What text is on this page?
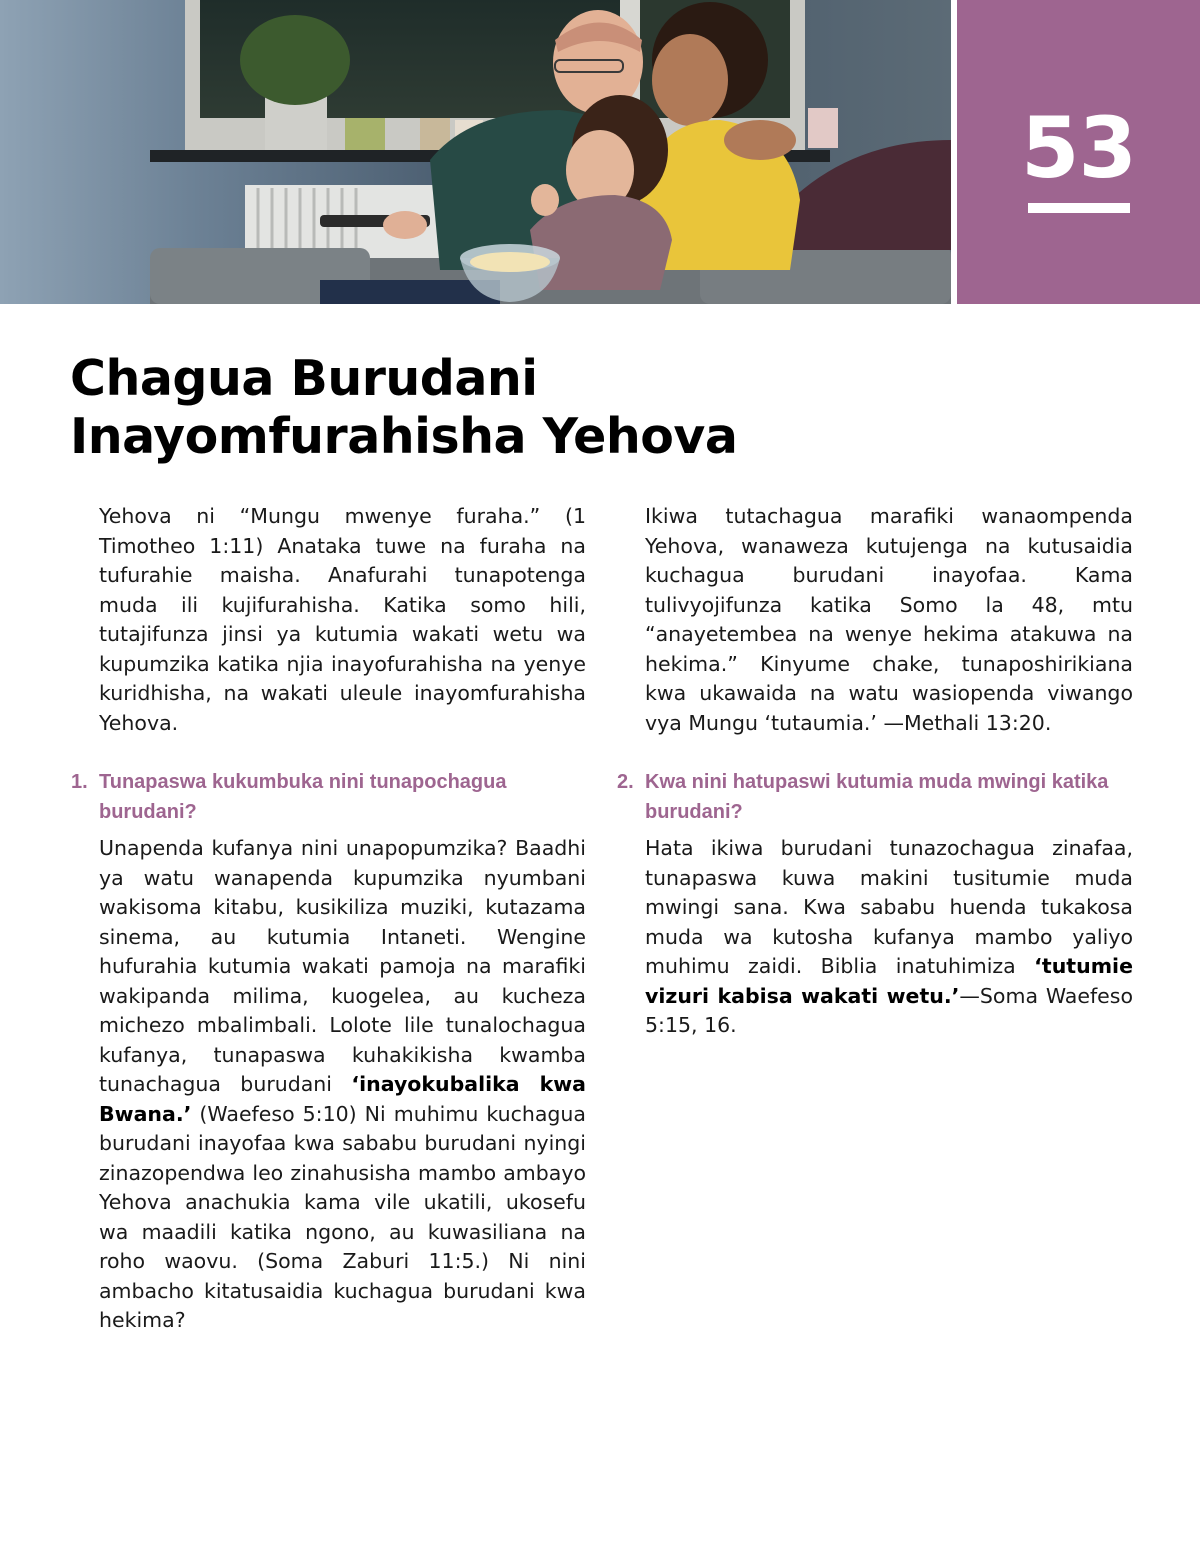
53
Chagua Burudani
Inayomfurahisha Yehova

Yehova ni “Mungu mwenye furaha.” (1 Timotheo 1:11) Anataka tuwe na furaha na tufurahie maisha. Anafurahi tunapotenga muda ili kujifurahisha. Katika somo hili, tutajifunza jinsi ya kutumia wakati wetu wa kupumzika katika njia inayofurahisha na yenye kuridhisha, na wakati uleule inayomfurahisha Yehova.

1. Tunapaswa kukumbuka nini tunapochagua burudani?

Unapenda kufanya nini unapopumzika? Baadhi ya watu wanapenda kupumzika nyumbani wakisoma kitabu, kusikiliza muziki, kutazama sinema, au kutumia Intaneti. Wengine hufurahia kutumia wakati pamoja na marafiki wakipanda milima, kuogelea, au kucheza michezo mbalimbali. Lolote lile tunalochagua kufanya, tunapaswa kuhakikisha kwamba tunachagua burudani ‘inayokubalika kwa Bwana.’ (Waefeso 5:10) Ni muhimu kuchagua burudani inayofaa kwa sababu burudani nyingi zinazopendwa leo zinahusisha mambo ambayo Yehova anachukia kama vile ukatili, ukosefu wa maadili katika ngono, au kuwasiliana na roho waovu. (Soma Zaburi 11:5.) Ni nini ambacho kitatusaidia kuchagua burudani kwa hekima?

Ikiwa tutachagua marafiki wanaompenda Yehova, wanaweza kutujenga na kutusaidia kuchagua burudani inayofaa. Kama tulivyojifunza katika Somo la 48, mtu “anayetembea na wenye hekima atakuwa na hekima.” Kinyume chake, tunaposhirikiana kwa ukawaida na watu wasiopenda viwango vya Mungu ‘tutaumia.’ —Methali 13:20.

2. Kwa nini hatupaswi kutumia muda mwingi katika burudani?

Hata ikiwa burudani tunazochagua zinafaa, tunapaswa kuwa makini tusitumie muda mwingi sana. Kwa sababu huenda tukakosa muda wa kutosha kufanya mambo yaliyo muhimu zaidi. Biblia inatuhimiza ‘tutumie vizuri kabisa wakati wetu.’—Soma Waefeso 5:15, 16.
